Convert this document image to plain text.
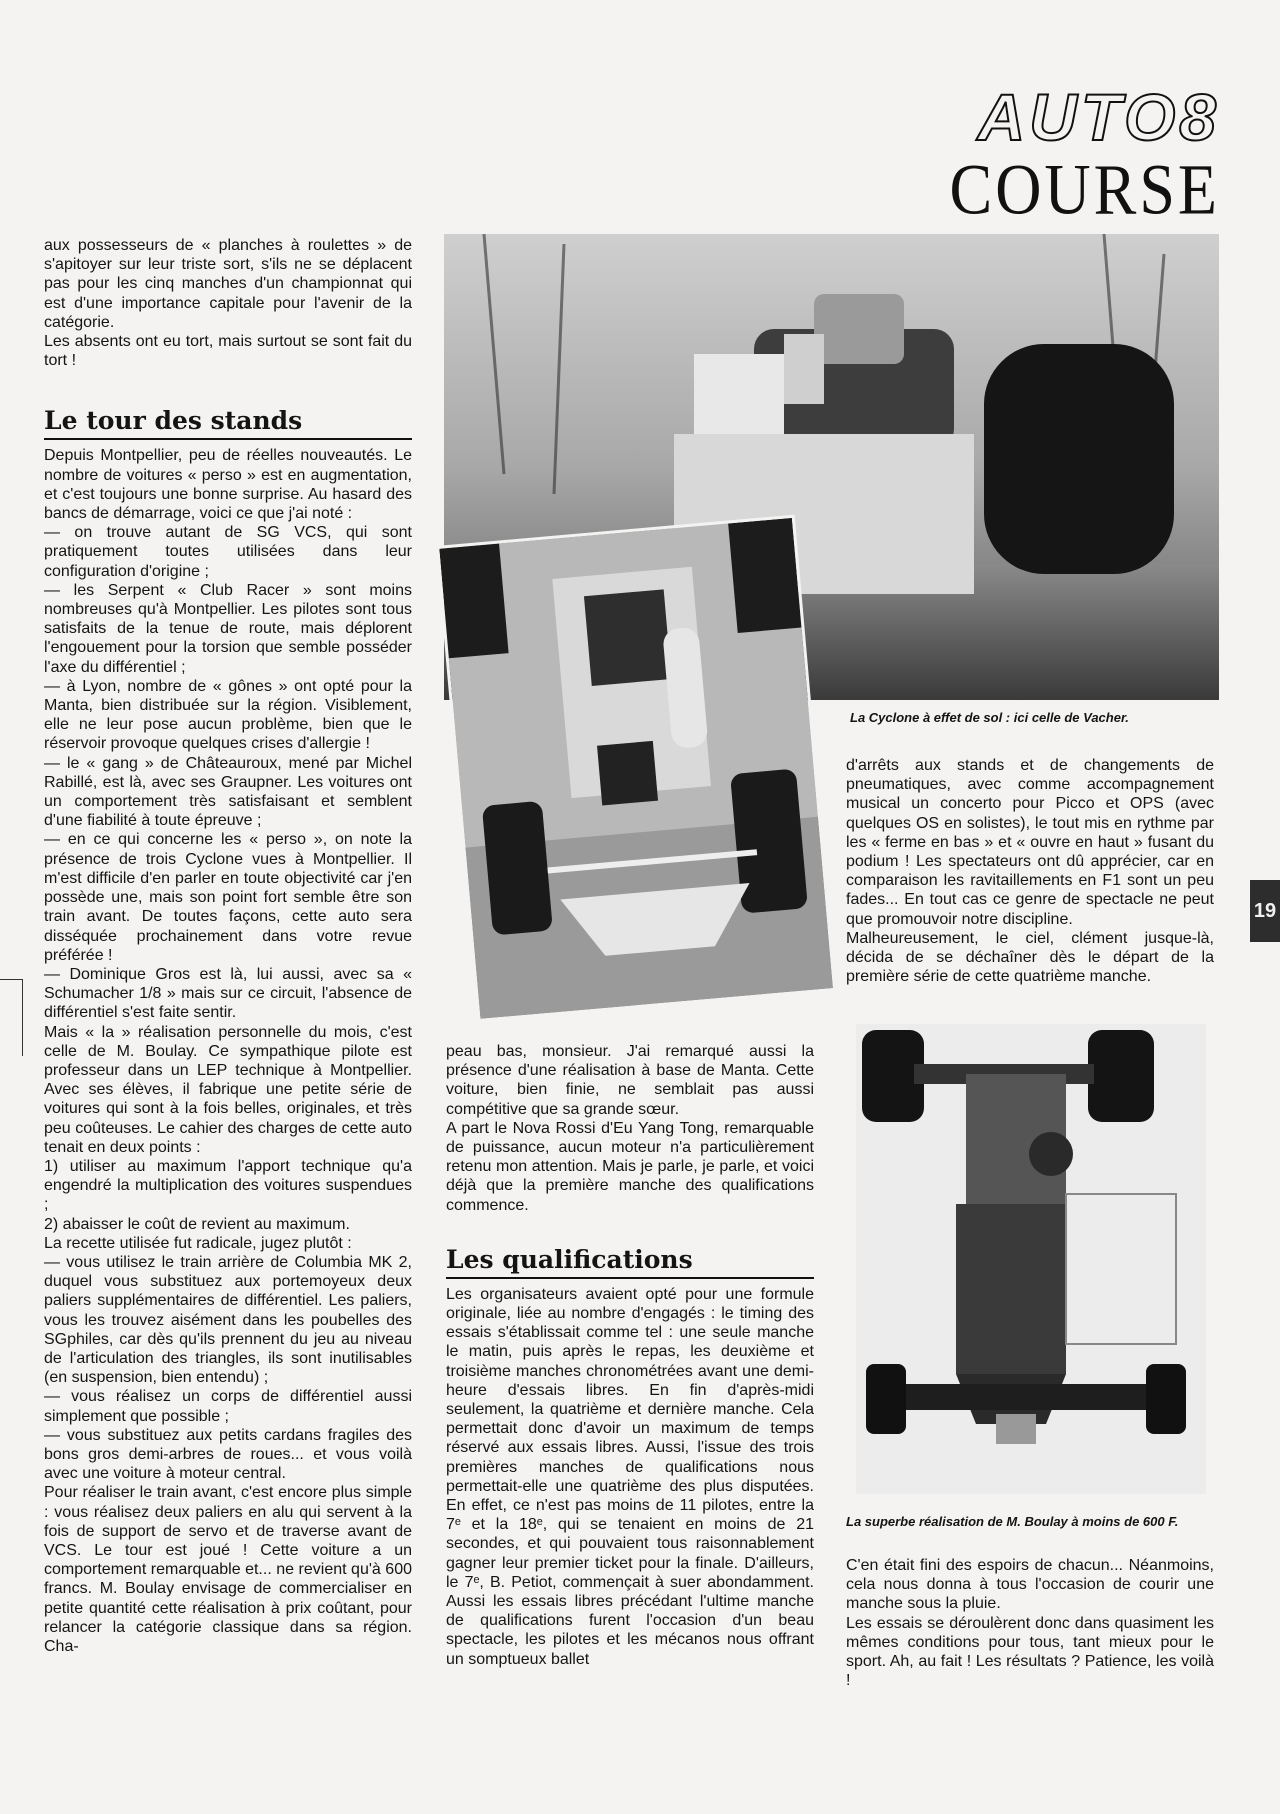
AUTO8
COURSE

aux possesseurs de « planches à roulettes » de s'apitoyer sur leur triste sort, s'ils ne se déplacent pas pour les cinq manches d'un championnat qui est d'une importance capitale pour l'avenir de la catégorie.

Les absents ont eu tort, mais surtout se sont fait du tort !

Le tour des stands

Depuis Montpellier, peu de réelles nouveautés. Le nombre de voitures « perso » est en augmentation, et c'est toujours une bonne surprise. Au hasard des bancs de démarrage, voici ce que j'ai noté :

— on trouve autant de SG VCS, qui sont pratiquement toutes utilisées dans leur configuration d'origine ;

— les Serpent « Club Racer » sont moins nombreuses qu'à Montpellier. Les pilotes sont tous satisfaits de la tenue de route, mais déplorent l'engouement pour la torsion que semble posséder l'axe du différentiel ;

— à Lyon, nombre de « gônes » ont opté pour la Manta, bien distribuée sur la région. Visiblement, elle ne leur pose aucun problème, bien que le réservoir provoque quelques crises d'allergie !

— le « gang » de Châteauroux, mené par Michel Rabillé, est là, avec ses Graupner. Les voitures ont un comportement très satisfaisant et semblent d'une fiabilité à toute épreuve ;

— en ce qui concerne les « perso », on note la présence de trois Cyclone vues à Montpellier. Il m'est difficile d'en parler en toute objectivité car j'en possède une, mais son point fort semble être son train avant. De toutes façons, cette auto sera disséquée prochainement dans votre revue préférée !

— Dominique Gros est là, lui aussi, avec sa « Schumacher 1/8 » mais sur ce circuit, l'absence de différentiel s'est faite sentir.

Mais « la » réalisation personnelle du mois, c'est celle de M. Boulay. Ce sympathique pilote est professeur dans un LEP technique à Montpellier. Avec ses élèves, il fabrique une petite série de voitures qui sont à la fois belles, originales, et très peu coûteuses. Le cahier des charges de cette auto tenait en deux points :

1) utiliser au maximum l'apport technique qu'a engendré la multiplication des voitures suspendues ;

2) abaisser le coût de revient au maximum.

La recette utilisée fut radicale, jugez plutôt :

— vous utilisez le train arrière de Columbia MK 2, duquel vous substituez aux portemoyeux deux paliers supplémentaires de différentiel. Les paliers, vous les trouvez aisément dans les poubelles des SGphiles, car dès qu'ils prennent du jeu au niveau de l'articulation des triangles, ils sont inutilisables (en suspension, bien entendu) ;

— vous réalisez un corps de différentiel aussi simplement que possible ;

— vous substituez aux petits cardans fragiles des bons gros demi-arbres de roues... et vous voilà avec une voiture à moteur central.

Pour réaliser le train avant, c'est encore plus simple : vous réalisez deux paliers en alu qui servent à la fois de support de servo et de traverse avant de VCS. Le tour est joué ! Cette voiture a un comportement remarquable et... ne revient qu'à 600 francs. M. Boulay envisage de commercialiser en petite quantité cette réalisation à prix coûtant, pour relancer la catégorie classique dans sa région. Cha-

La Cyclone à effet de sol : ici celle de Vacher.

peau bas, monsieur. J'ai remarqué aussi la présence d'une réalisation à base de Manta. Cette voiture, bien finie, ne semblait pas aussi compétitive que sa grande sœur.

A part le Nova Rossi d'Eu Yang Tong, remarquable de puissance, aucun moteur n'a particulièrement retenu mon attention. Mais je parle, je parle, et voici déjà que la première manche des qualifications commence.

Les qualifications

Les organisateurs avaient opté pour une formule originale, liée au nombre d'engagés : le timing des essais s'établissait comme tel : une seule manche le matin, puis après le repas, les deuxième et troisième manches chronométrées avant une demi-heure d'essais libres. En fin d'après-midi seulement, la quatrième et dernière manche. Cela permettait donc d'avoir un maximum de temps réservé aux essais libres. Aussi, l'issue des trois premières manches de qualifications nous permettait-elle une quatrième des plus disputées. En effet, ce n'est pas moins de 11 pilotes, entre la 7ᵉ et la 18ᵉ, qui se tenaient en moins de 21 secondes, et qui pouvaient tous raisonnablement gagner leur premier ticket pour la finale. D'ailleurs, le 7ᵉ, B. Petiot, commençait à suer abondamment. Aussi les essais libres précédant l'ultime manche de qualifications furent l'occasion d'un beau spectacle, les pilotes et les mécanos nous offrant un somptueux ballet

d'arrêts aux stands et de changements de pneumatiques, avec comme accompagnement musical un concerto pour Picco et OPS (avec quelques OS en solistes), le tout mis en rythme par les « ferme en bas » et « ouvre en haut » fusant du podium ! Les spectateurs ont dû apprécier, car en comparaison les ravitaillements en F1 sont un peu fades... En tout cas ce genre de spectacle ne peut que promouvoir notre discipline.

Malheureusement, le ciel, clément jusque-là, décida de se déchaîner dès le départ de la première série de cette quatrième manche.

La superbe réalisation de M. Boulay à moins de 600 F.

C'en était fini des espoirs de chacun... Néanmoins, cela nous donna à tous l'occasion de courir une manche sous la pluie.

Les essais se déroulèrent donc dans quasiment les mêmes conditions pour tous, tant mieux pour le sport. Ah, au fait ! Les résultats ? Patience, les voilà !

19
